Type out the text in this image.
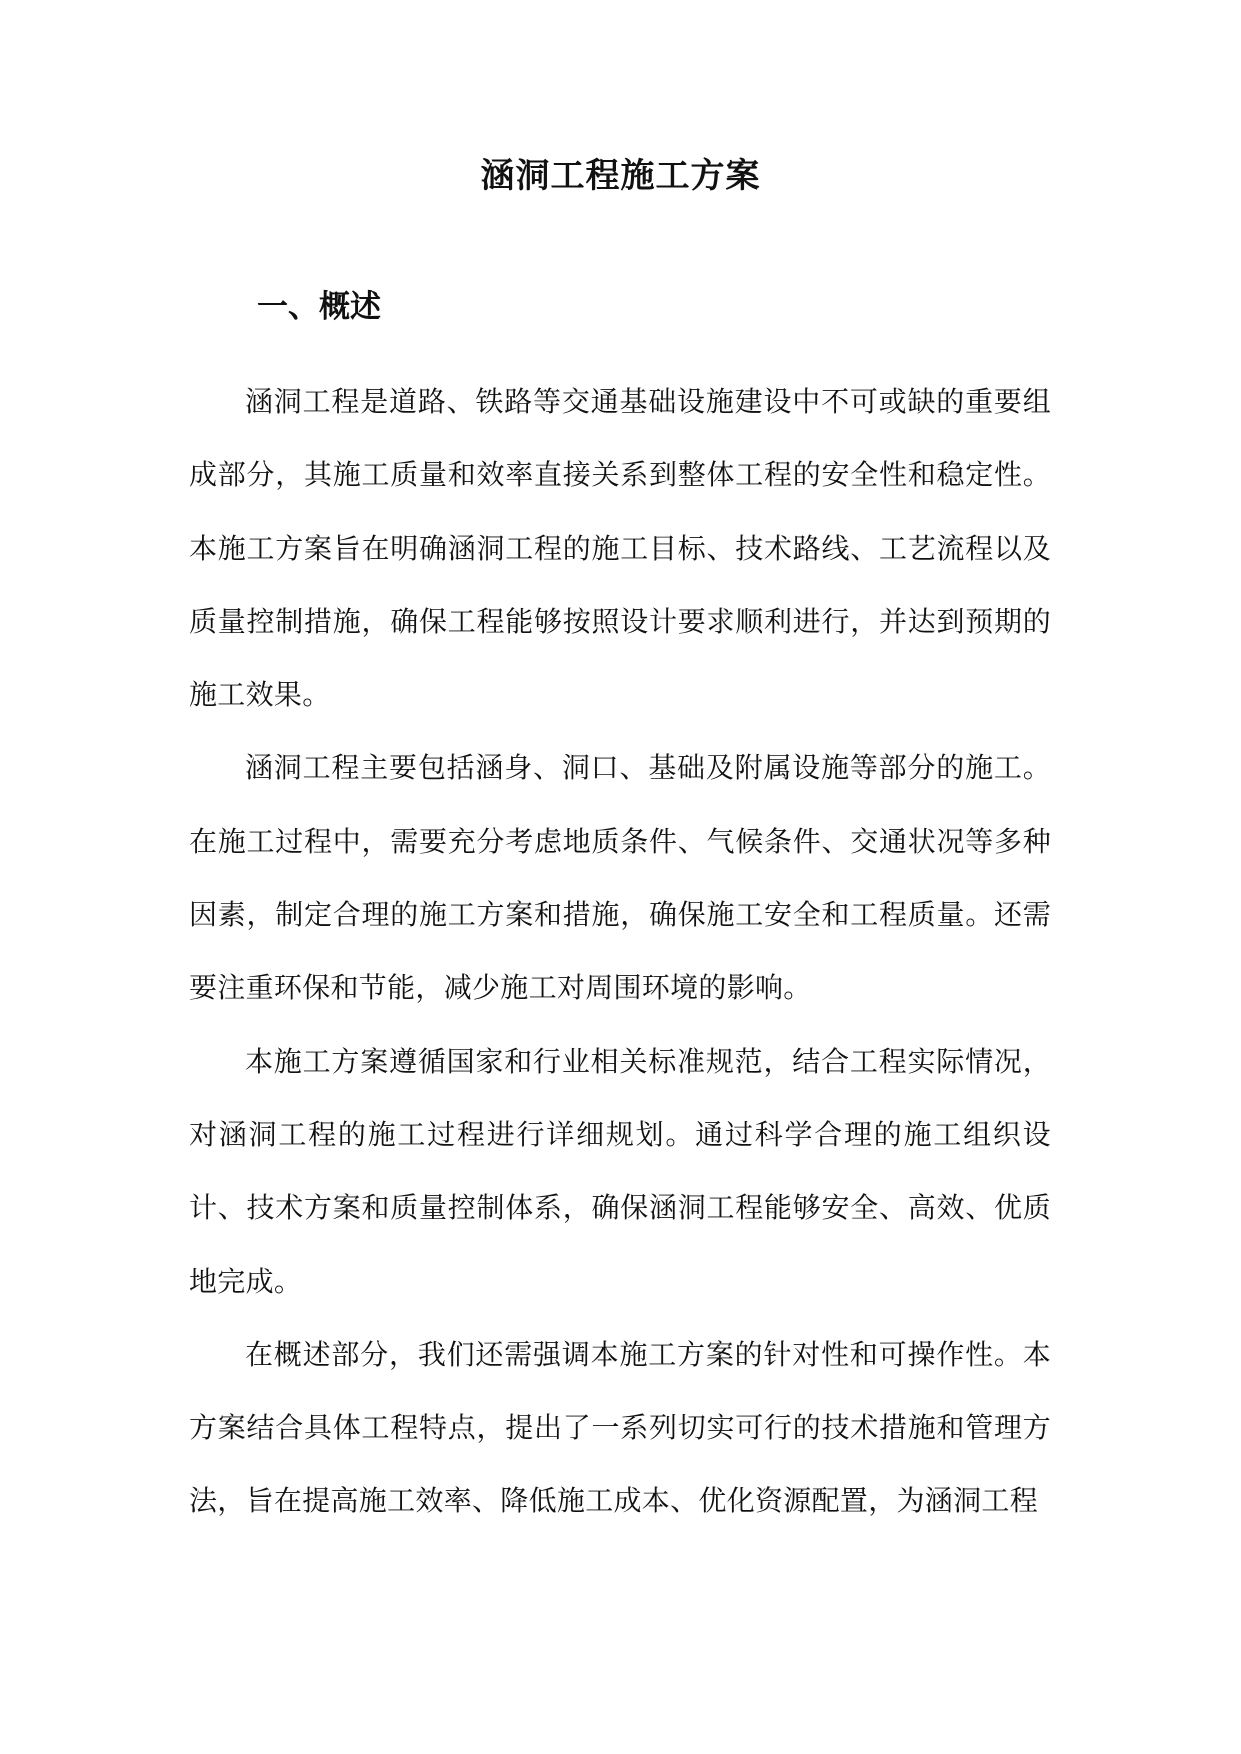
涵洞工程施工方案
一、概述

涵洞工程是道路、铁路等交通基础设施建设中不可或缺的重要组成部分，其施工质量和效率直接关系到整体工程的安全性和稳定性。本施工方案旨在明确涵洞工程的施工目标、技术路线、工艺流程以及质量控制措施，确保工程能够按照设计要求顺利进行，并达到预期的施工效果。

涵洞工程主要包括涵身、洞口、基础及附属设施等部分的施工。在施工过程中，需要充分考虑地质条件、气候条件、交通状况等多种因素，制定合理的施工方案和措施，确保施工安全和工程质量。还需要注重环保和节能，减少施工对周围环境的影响。

本施工方案遵循国家和行业相关标准规范，结合工程实际情况，对涵洞工程的施工过程进行详细规划。通过科学合理的施工组织设计、技术方案和质量控制体系，确保涵洞工程能够安全、高效、优质地完成。

在概述部分，我们还需强调本施工方案的针对性和可操作性。本方案结合具体工程特点，提出了一系列切实可行的技术措施和管理方法，旨在提高施工效率、降低施工成本、优化资源配置，为涵洞工程
